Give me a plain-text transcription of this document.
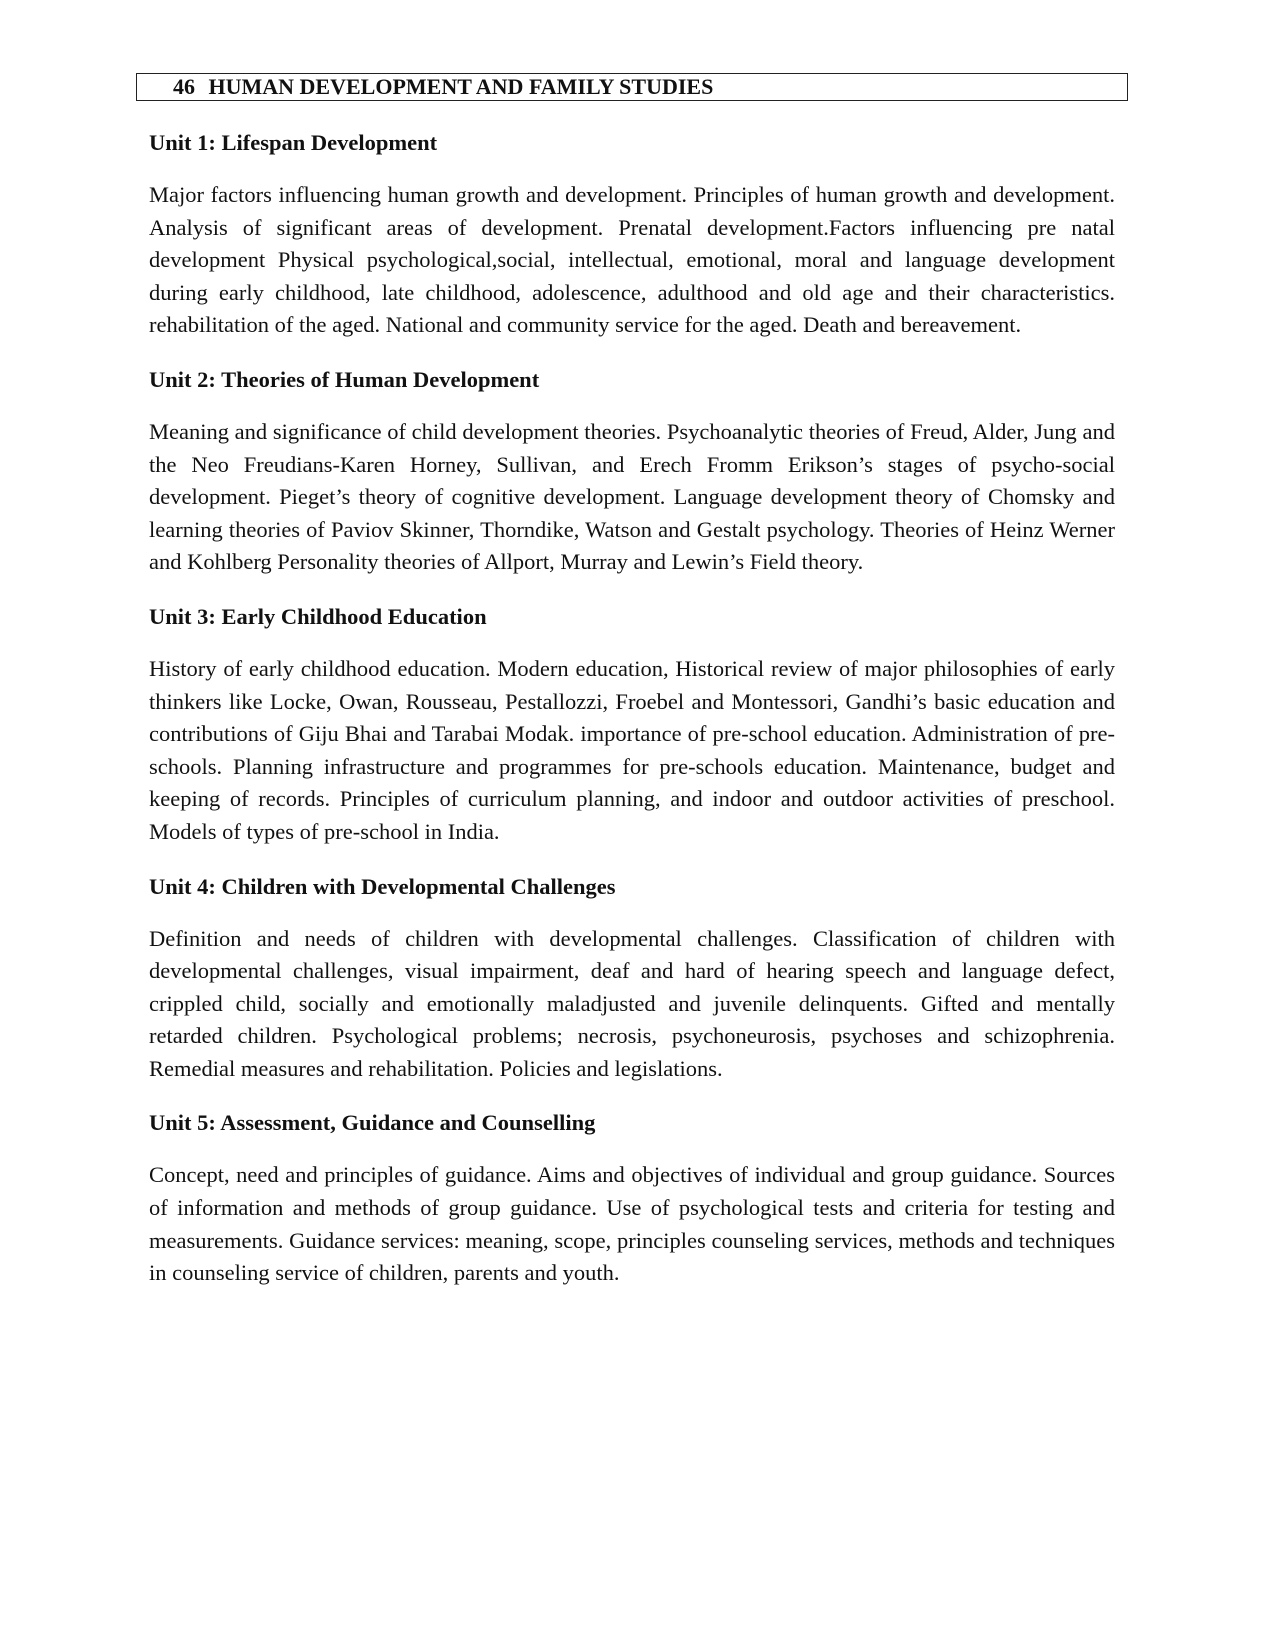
46 HUMAN DEVELOPMENT AND FAMILY STUDIES
Unit 1: Lifespan Development

Major factors influencing human growth and development. Principles of human growth and development. Analysis of significant areas of development. Prenatal development.Factors influencing pre natal development Physical psychological,social, intellectual, emotional, moral and language development during early childhood, late childhood, adolescence, adulthood and old age and their characteristics. rehabilitation of the aged. National and community service for the aged. Death and bereavement.

Unit 2: Theories of Human Development

Meaning and significance of child development theories. Psychoanalytic theories of Freud, Alder, Jung and the Neo Freudians-Karen Horney, Sullivan, and Erech Fromm Erikson’s stages of psycho-social development. Pieget’s theory of cognitive development. Language development theory of Chomsky and learning theories of Paviov Skinner, Thorndike, Watson and Gestalt psychology. Theories of Heinz Werner and Kohlberg Personality theories of Allport, Murray and Lewin’s Field theory.

Unit 3: Early Childhood Education

History of early childhood education. Modern education, Historical review of major philosophies of early thinkers like Locke, Owan, Rousseau, Pestallozzi, Froebel and Montessori, Gandhi’s basic education and contributions of Giju Bhai and Tarabai Modak. importance of pre-school education. Administration of pre-schools. Planning infrastructure and programmes for pre-schools education. Maintenance, budget and keeping of records. Principles of curriculum planning, and indoor and outdoor activities of preschool. Models of types of pre-school in India.

Unit 4: Children with Developmental Challenges

Definition and needs of children with developmental challenges. Classification of children with developmental challenges, visual impairment, deaf and hard of hearing speech and language defect, crippled child, socially and emotionally maladjusted and juvenile delinquents. Gifted and mentally retarded children. Psychological problems; necrosis, psychoneurosis, psychoses and schizophrenia. Remedial measures and rehabilitation. Policies and legislations.

Unit 5: Assessment, Guidance and Counselling

Concept, need and principles of guidance. Aims and objectives of individual and group guidance. Sources of information and methods of group guidance. Use of psychological tests and criteria for testing and measurements. Guidance services: meaning, scope, principles counseling services, methods and techniques in counseling service of children, parents and youth.
